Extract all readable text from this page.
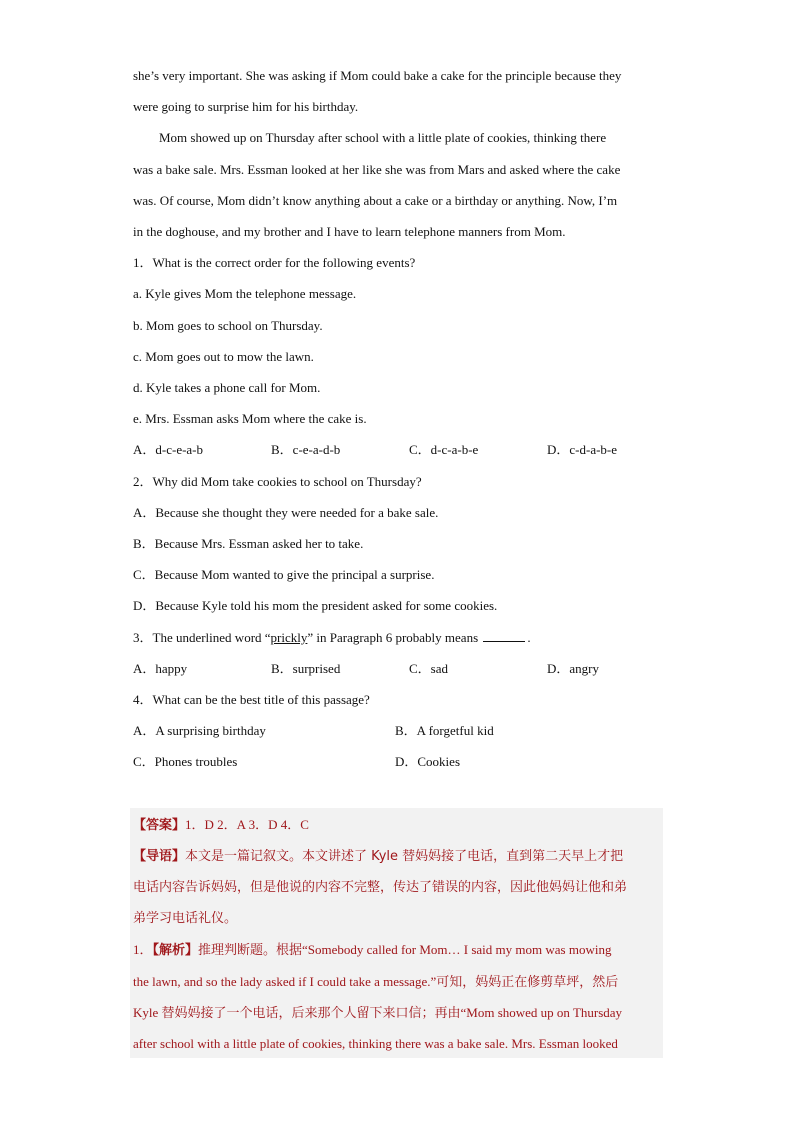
she’s very important. She was asking if Mom could bake a cake for the principle because they
were going to surprise him for his birthday.
Mom showed up on Thursday after school with a little plate of cookies, thinking there
was a bake sale. Mrs. Essman looked at her like she was from Mars and asked where the cake
was. Of course, Mom didn’t know anything about a cake or a birthday or anything. Now, I’m
in the doghouse, and my brother and I have to learn telephone manners from Mom.
1．What is the correct order for the following events?
a. Kyle gives Mom the telephone message.
b. Mom goes to school on Thursday.
c. Mom goes out to mow the lawn.
d. Kyle takes a phone call for Mom.
e. Mrs. Essman asks Mom where the cake is.
A．d-c-e-a-b	B．c-e-a-d-b	C．d-c-a-b-e	D．c-d-a-b-e
2．Why did Mom take cookies to school on Thursday?
A．Because she thought they were needed for a bake sale.
B．Because Mrs. Essman asked her to take.
C．Because Mom wanted to give the principal a surprise.
D．Because Kyle told his mom the president asked for some cookies.
3．The underlined word “prickly” in Paragraph 6 probably means	.
A．happy	B．surprised	C．sad	D．angry
4．What can be the best title of this passage?
A．A surprising birthday	B．A forgetful kid
C．Phones troubles	D．Cookies
【答案】1．D 2．A 3．D 4．C
【导语】本文是一篇记叙文。本文讲述了 Kyle 替妈妈接了电话，直到第二天早上才把
电话内容告诉妈妈，但是他说的内容不完整，传达了错误的内容，因此他妈妈让他和弟
弟学习电话礼仪。
1．【解析】推理判断题。根据“Somebody called for Mom… I said my mom was mowing
the lawn, and so the lady asked if I could take a message.”可知，妈妈正在修剪草坪，然后
Kyle 替妈妈接了一个电话，后来那个人留下来口信；再由“Mom showed up on Thursday
after school with a little plate of cookies, thinking there was a bake sale. Mrs. Essman looked
